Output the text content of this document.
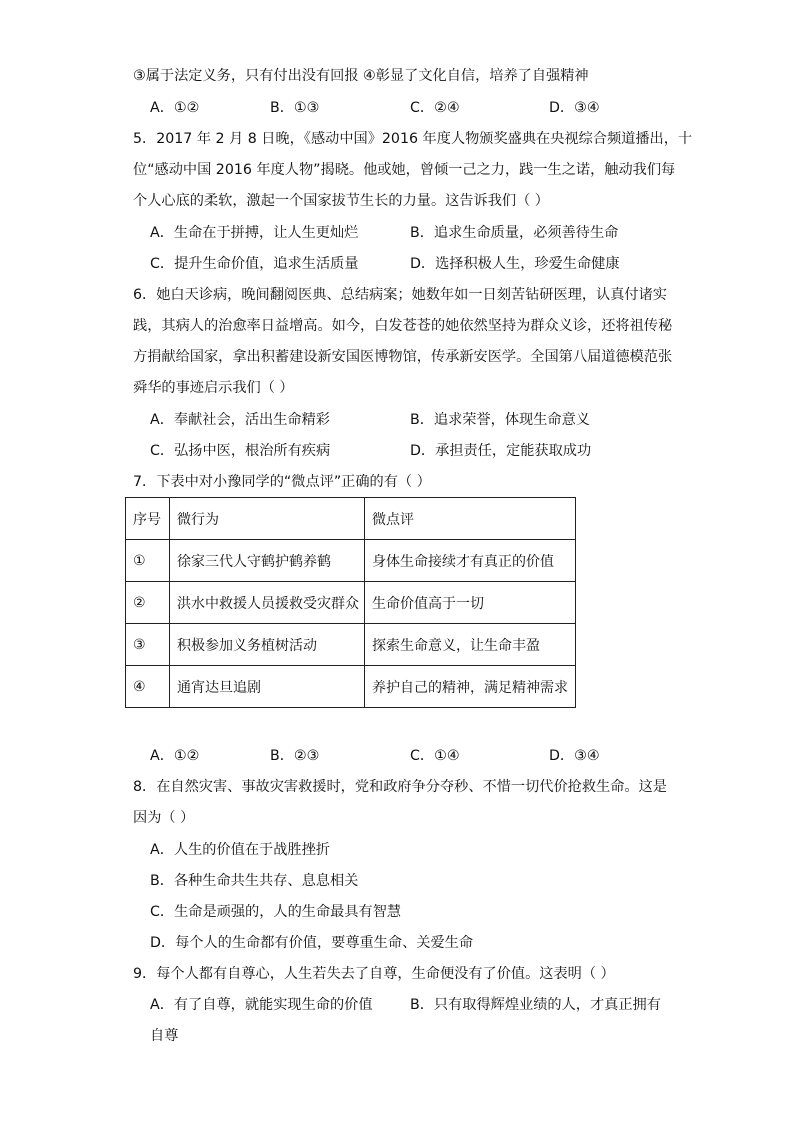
③属于法定义务，只有付出没有回报 ④彰显了文化自信，培养了自强精神
A．①②	B．①③	C．②④	D．③④
5．2017 年 2 月 8 日晚，《感动中国》2016 年度人物颁奖盛典在央视综合频道播出，十
位“感动中国 2016 年度人物”揭晓。他或她，曾倾一己之力，践一生之诺，触动我们每
个人心底的柔软，激起一个国家拔节生长的力量。这告诉我们（ ）
A．生命在于拼搏，让人生更灿烂	B．追求生命质量，必须善待生命
C．提升生命价值，追求生活质量	D．选择积极人生，珍爱生命健康
6．她白天诊病，晚间翻阅医典、总结病案；她数年如一日刻苦钻研医理，认真付诸实
践，其病人的治愈率日益增高。如今，白发苍苍的她依然坚持为群众义诊，还将祖传秘
方捐献给国家，拿出积蓄建设新安国医博物馆，传承新安医学。全国第八届道德模范张
舜华的事迹启示我们（ ）
A．奉献社会，活出生命精彩	B．追求荣誉，体现生命意义
C．弘扬中医，根治所有疾病	D．承担责任，定能获取成功
7．下表中对小豫同学的“微点评”正确的有（ ）
序号	微行为	微点评
①	徐家三代人守鹤护鹤养鹤	身体生命接续才有真正的价值
②	洪水中救援人员援救受灾群众	生命价值高于一切
③	积极参加义务植树活动	探索生命意义，让生命丰盈
④	通宵达旦追剧	养护自己的精神，满足精神需求
A．①②	B．②③	C．①④	D．③④
8．在自然灾害、事故灾害救援时，党和政府争分夺秒、不惜一切代价抢救生命。这是
因为（ ）
A．人生的价值在于战胜挫折
B．各种生命共生共存、息息相关
C．生命是顽强的，人的生命最具有智慧
D．每个人的生命都有价值，要尊重生命、关爱生命
9．每个人都有自尊心，人生若失去了自尊，生命便没有了价值。这表明（ ）
A．有了自尊，就能实现生命的价值	B．只有取得辉煌业绩的人，才真正拥有
自尊
